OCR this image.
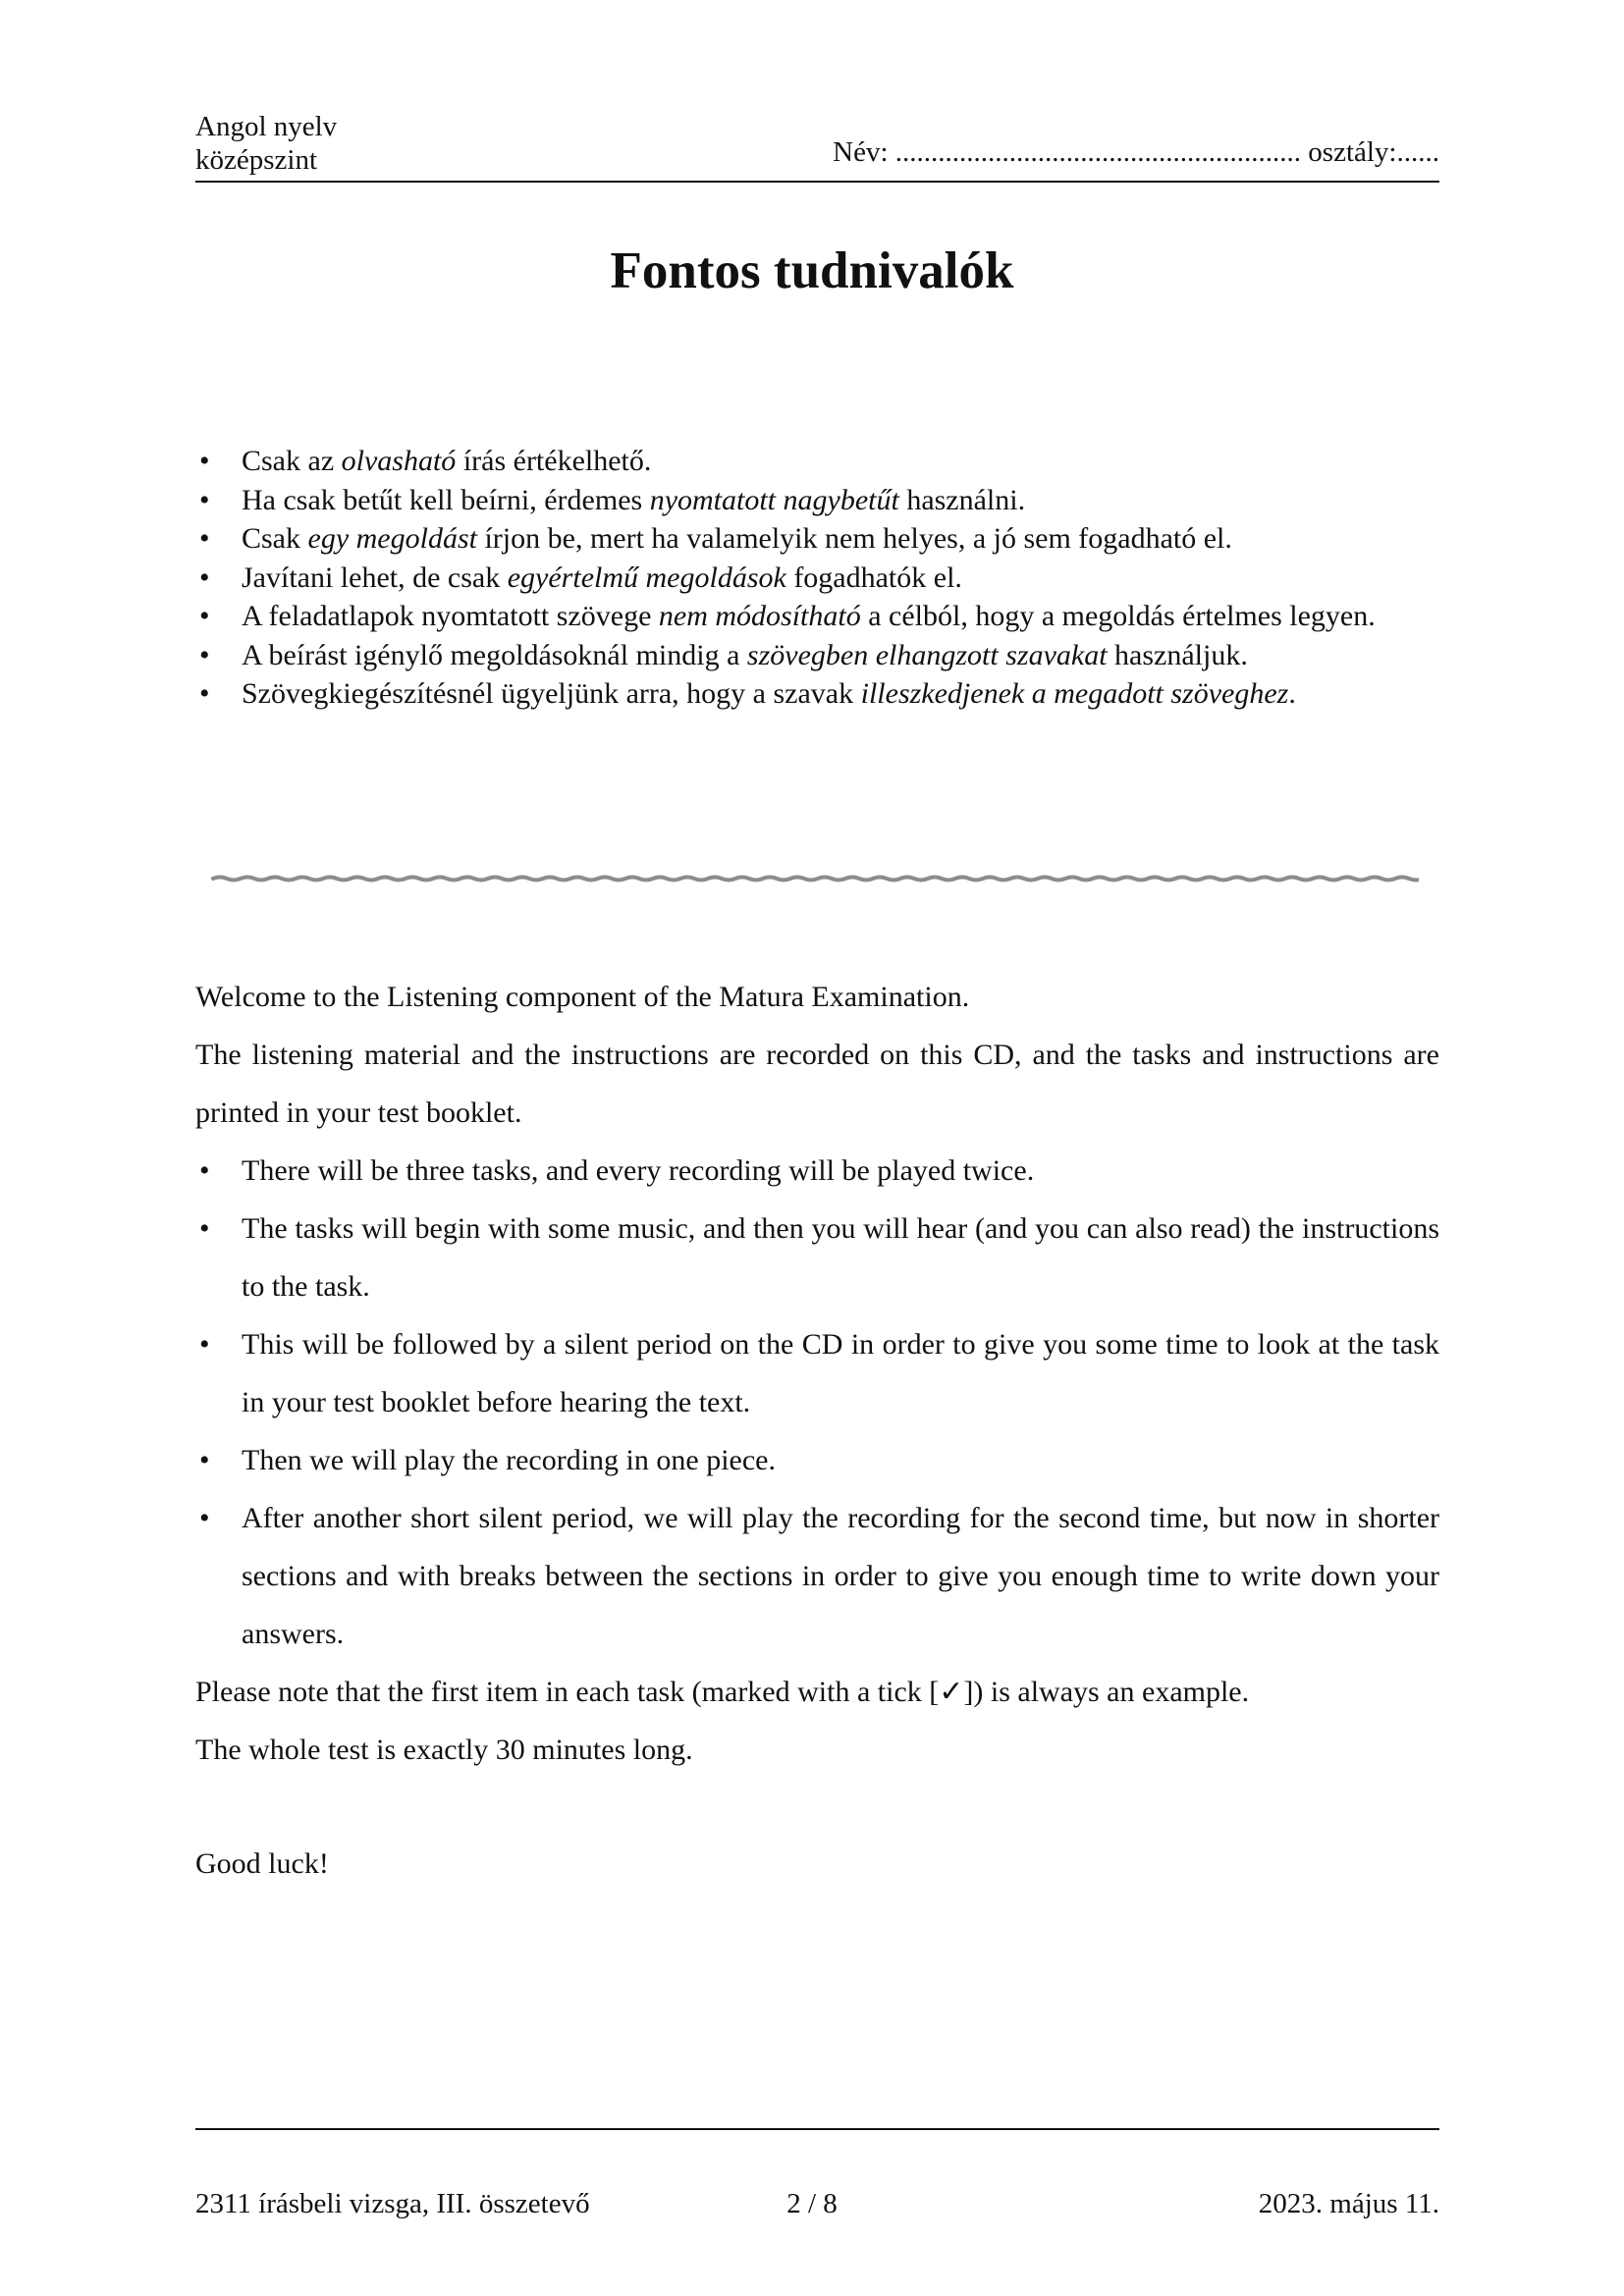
Angol nyelv
középszint	Név: ......................................................... osztály:......
Fontos tudnivalók
• Csak az olvasható írás értékelhető.
• Ha csak betűt kell beírni, érdemes nyomtatott nagybetűt használni.
• Csak egy megoldást írjon be, mert ha valamelyik nem helyes, a jó sem fogadható el.
• Javítani lehet, de csak egyértelmű megoldások fogadhatók el.
• A feladatlapok nyomtatott szövege nem módosítható a célból, hogy a megoldás értelmes legyen.
• A beírást igénylő megoldásoknál mindig a szövegben elhangzott szavakat használjuk.
• Szövegkiegészítésnél ügyeljünk arra, hogy a szavak illeszkedjenek a megadott szöveghez.

Welcome to the Listening component of the Matura Examination.

The listening material and the instructions are recorded on this CD, and the tasks and instructions are printed in your test booklet.

• There will be three tasks, and every recording will be played twice.
• The tasks will begin with some music, and then you will hear (and you can also read) the instructions to the task.
• This will be followed by a silent period on the CD in order to give you some time to look at the task in your test booklet before hearing the text.
• Then we will play the recording in one piece.
• After another short silent period, we will play the recording for the second time, but now in shorter sections and with breaks between the sections in order to give you enough time to write down your answers.

Please note that the first item in each task (marked with a tick [✓]) is always an example.

The whole test is exactly 30 minutes long.

Good luck!

2311 írásbeli vizsga, III. összetevő	2 / 8	2023. május 11.
